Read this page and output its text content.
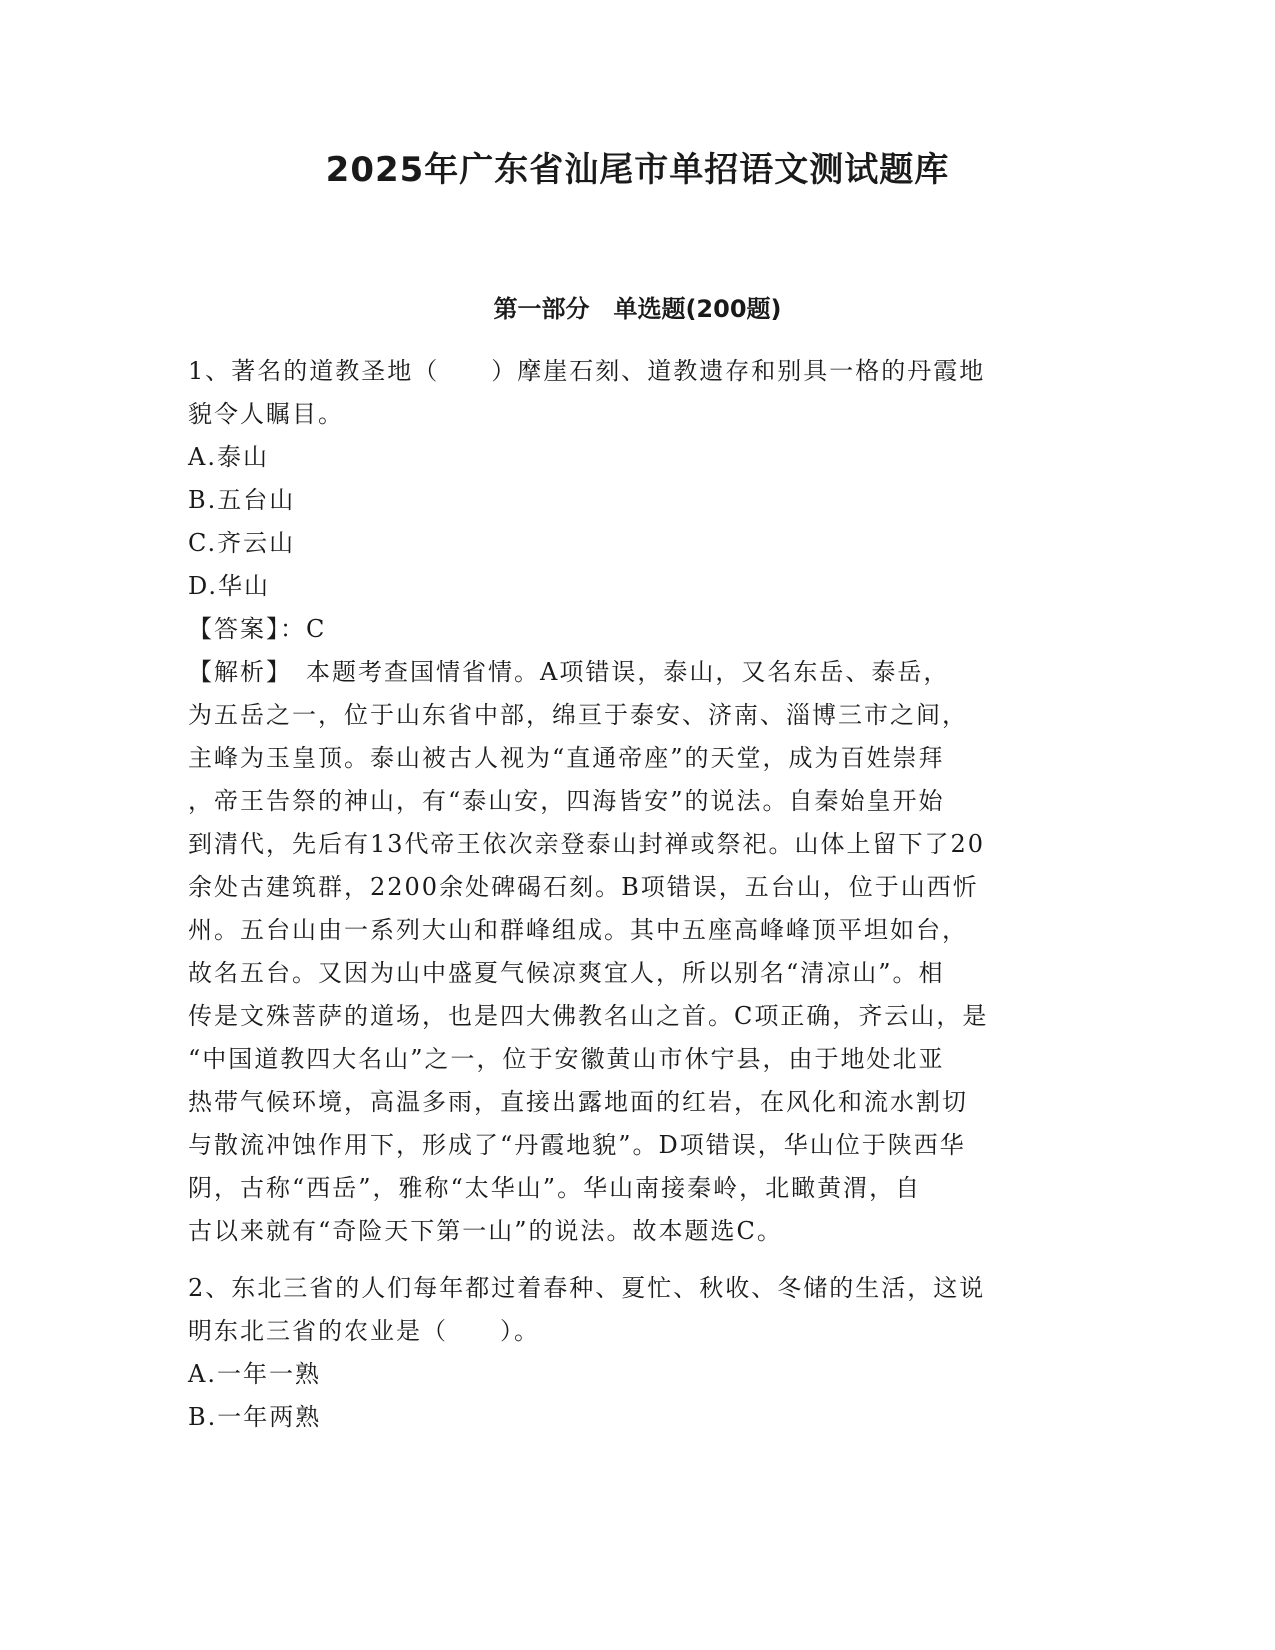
2025年广东省汕尾市单招语文测试题库
第一部分　单选题(200题)
1、著名的道教圣地（　　）摩崖石刻、道教遗存和别具一格的丹霞地
貌令人瞩目。
A.泰山
B.五台山
C.齐云山
D.华山
【答案】：C
【解析】　本题考查国情省情。A项错误，泰山，又名东岳、泰岳，
为五岳之一，位于山东省中部，绵亘于泰安、济南、淄博三市之间，
主峰为玉皇顶。泰山被古人视为“直通帝座”的天堂，成为百姓崇拜
，帝王告祭的神山，有“泰山安，四海皆安”的说法。自秦始皇开始
到清代，先后有13代帝王依次亲登泰山封禅或祭祀。山体上留下了20
余处古建筑群，2200余处碑碣石刻。B项错误，五台山，位于山西忻
州。五台山由一系列大山和群峰组成。其中五座高峰峰顶平坦如台，
故名五台。又因为山中盛夏气候凉爽宜人，所以别名“清凉山”。相
传是文殊菩萨的道场，也是四大佛教名山之首。C项正确，齐云山，是
“中国道教四大名山”之一，位于安徽黄山市休宁县，由于地处北亚
热带气候环境，高温多雨，直接出露地面的红岩，在风化和流水割切
与散流冲蚀作用下，形成了“丹霞地貌”。D项错误，华山位于陕西华
阴，古称“西岳”，雅称“太华山”。华山南接秦岭，北瞰黄渭，自
古以来就有“奇险天下第一山”的说法。故本题选C。
2、东北三省的人们每年都过着春种、夏忙、秋收、冬储的生活，这说
明东北三省的农业是（　　）。
A.一年一熟
B.一年两熟
